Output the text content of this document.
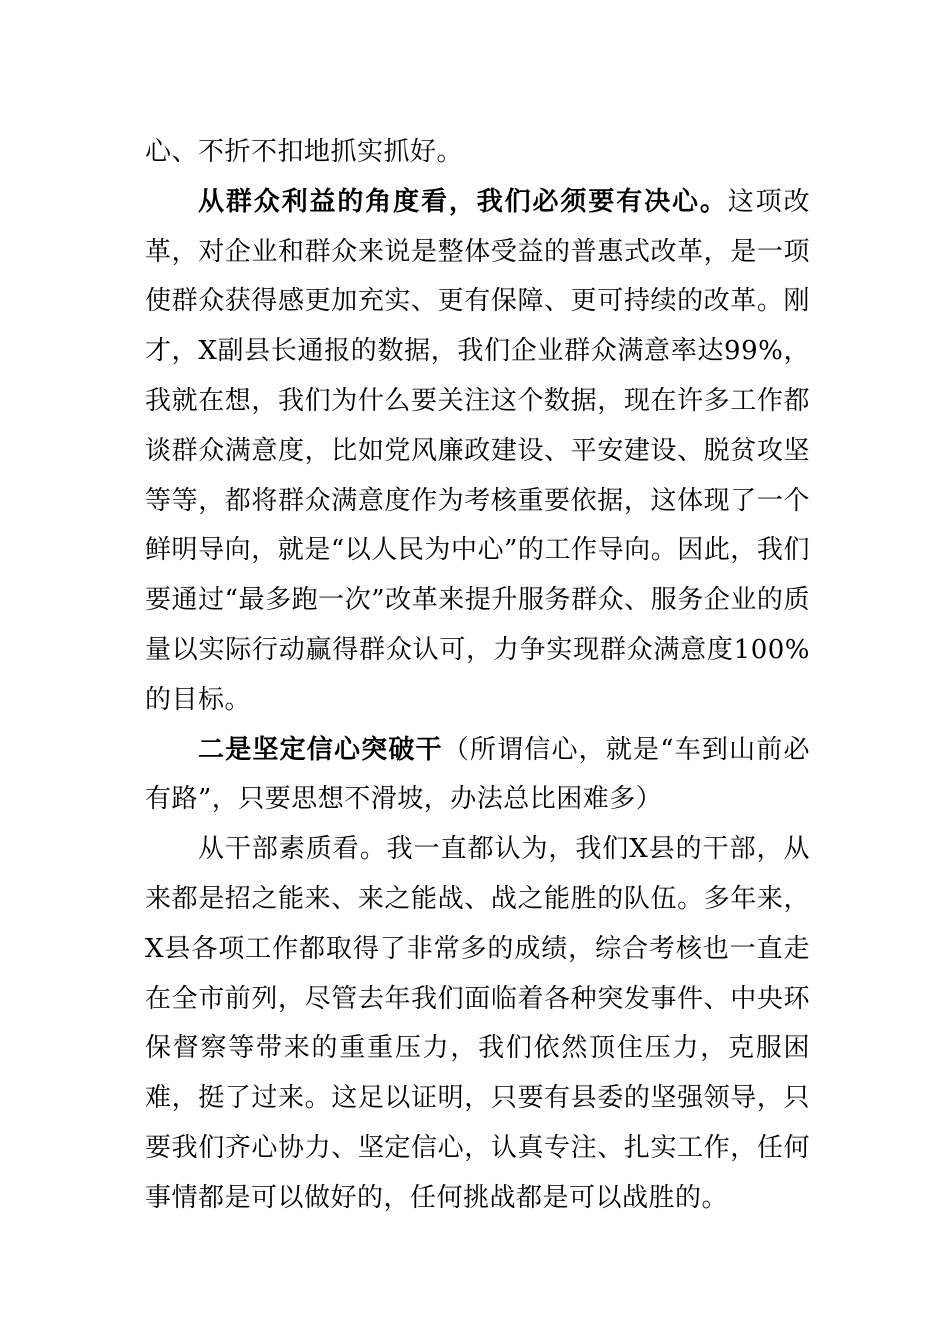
心、不折不扣地抓实抓好。

从群众利益的角度看，我们必须要有决心。这项改革，对企业和群众来说是整体受益的普惠式改革，是一项使群众获得感更加充实、更有保障、更可持续的改革。刚才，X副县长通报的数据，我们企业群众满意率达99%，我就在想，我们为什么要关注这个数据，现在许多工作都谈群众满意度，比如党风廉政建设、平安建设、脱贫攻坚等等，都将群众满意度作为考核重要依据，这体现了一个鲜明导向，就是“以人民为中心”的工作导向。因此，我们要通过“最多跑一次”改革来提升服务群众、服务企业的质量以实际行动赢得群众认可，力争实现群众满意度100%的目标。

二是坚定信心突破干（所谓信心，就是“车到山前必有路”，只要思想不滑坡，办法总比困难多）

从干部素质看。我一直都认为，我们X县的干部，从来都是招之能来、来之能战、战之能胜的队伍。多年来，X县各项工作都取得了非常多的成绩，综合考核也一直走在全市前列，尽管去年我们面临着各种突发事件、中央环保督察等带来的重重压力，我们依然顶住压力，克服困难，挺了过来。这足以证明，只要有县委的坚强领导，只要我们齐心协力、坚定信心，认真专注、扎实工作，任何事情都是可以做好的，任何挑战都是可以战胜的。
